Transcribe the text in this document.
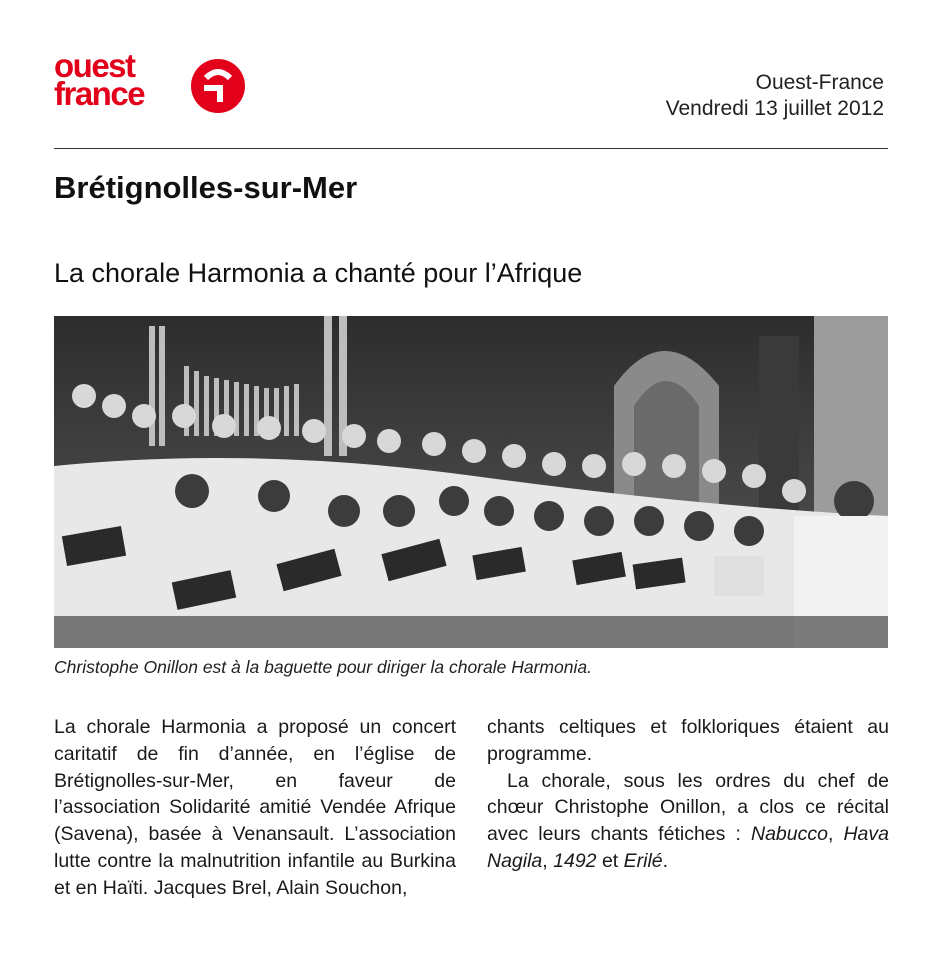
ouest
france	Ouest-France
Vendredi 13 juillet 2012
Brétignolles-sur-Mer
La chorale Harmonia a chanté pour l’Afrique
Christophe Onillon est à la baguette pour diriger la chorale Harmonia.

La chorale Harmonia a proposé un concert caritatif de fin d’année, en l’église de Brétignolles-sur-Mer, en faveur de l’association Solidarité amitié Vendée Afrique (Savena), basée à Venansault. L’association lutte contre la malnutrition infantile au Burkina et en Haïti. Jacques Brel, Alain Souchon,

chants celtiques et folkloriques étaient au programme.

La chorale, sous les ordres du chef de chœur Christophe Onillon, a clos ce récital avec leurs chants fétiches : Nabucco, Hava Nagila, 1492 et Erilé.
